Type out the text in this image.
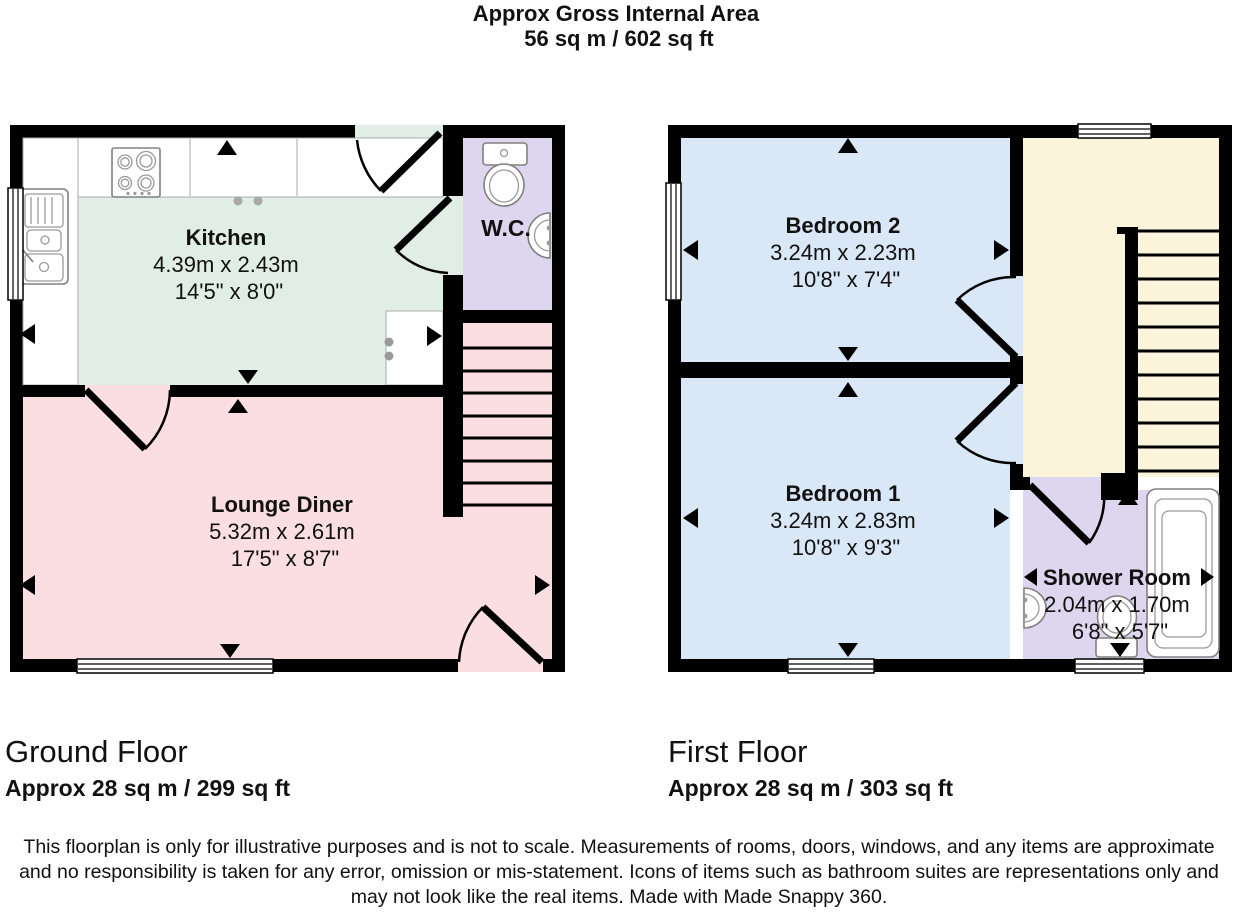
Approx Gross Internal Area 56 sq m / 602 sq ft
Kitchen 4.39m x 2.43m 14'5" x 8'0"
W.C.
Lounge Diner 5.32m x 2.61m 17'5" x 8'7"
Bedroom 2 3.24m x 2.23m 10'8" x 7'4"
Bedroom 1 3.24m x 2.83m 10'8" x 9'3"
Shower Room 2.04m x 1.70m 6'8" x 5'7"
Ground Floor
Approx 28 sq m / 299 sq ft
First Floor
Approx 28 sq m / 303 sq ft
This floorplan is only for illustrative purposes and is not to scale. Measurements of rooms, doors, windows, and any items are approximate
and no responsibility is taken for any error, omission or mis-statement. Icons of items such as bathroom suites are representations only and
may not look like the real items. Made with Made Snappy 360.
